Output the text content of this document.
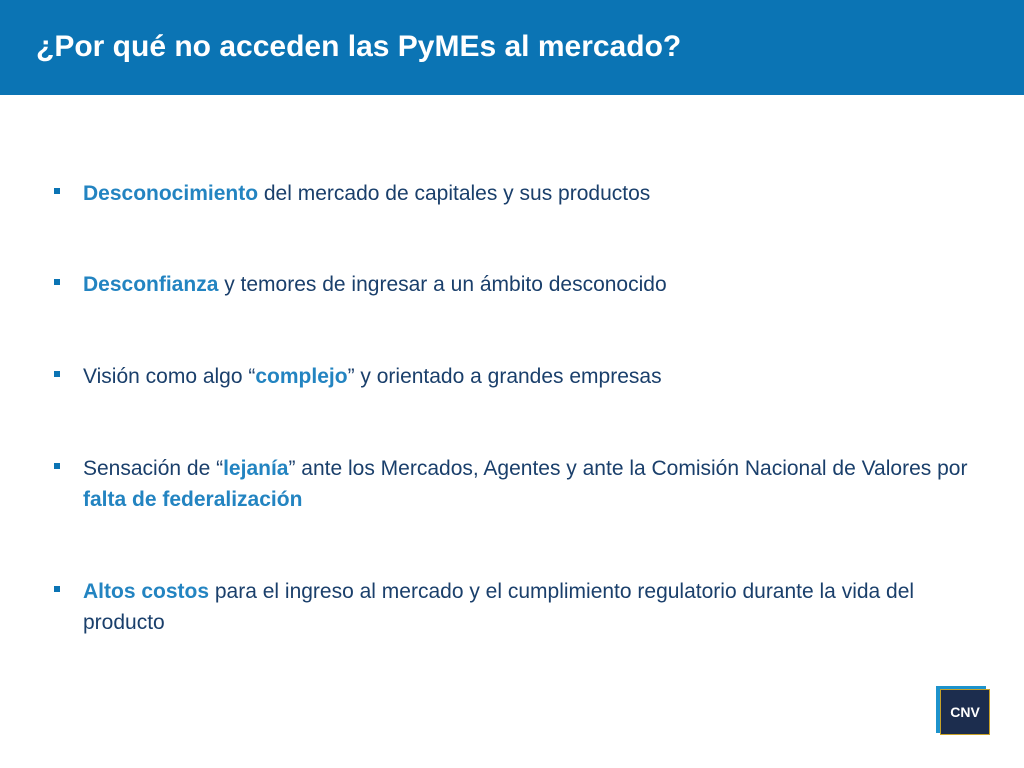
¿Por qué no acceden las PyMEs al mercado?
Desconocimiento del mercado de capitales y sus productos
Desconfianza y temores de ingresar a un ámbito desconocido
Visión como algo “complejo” y orientado a grandes empresas
Sensación de “lejanía” ante los Mercados, Agentes y ante la Comisión Nacional de Valores por falta de federalización
Altos costos para el ingreso al mercado y el cumplimiento regulatorio durante la vida del producto
CNV
